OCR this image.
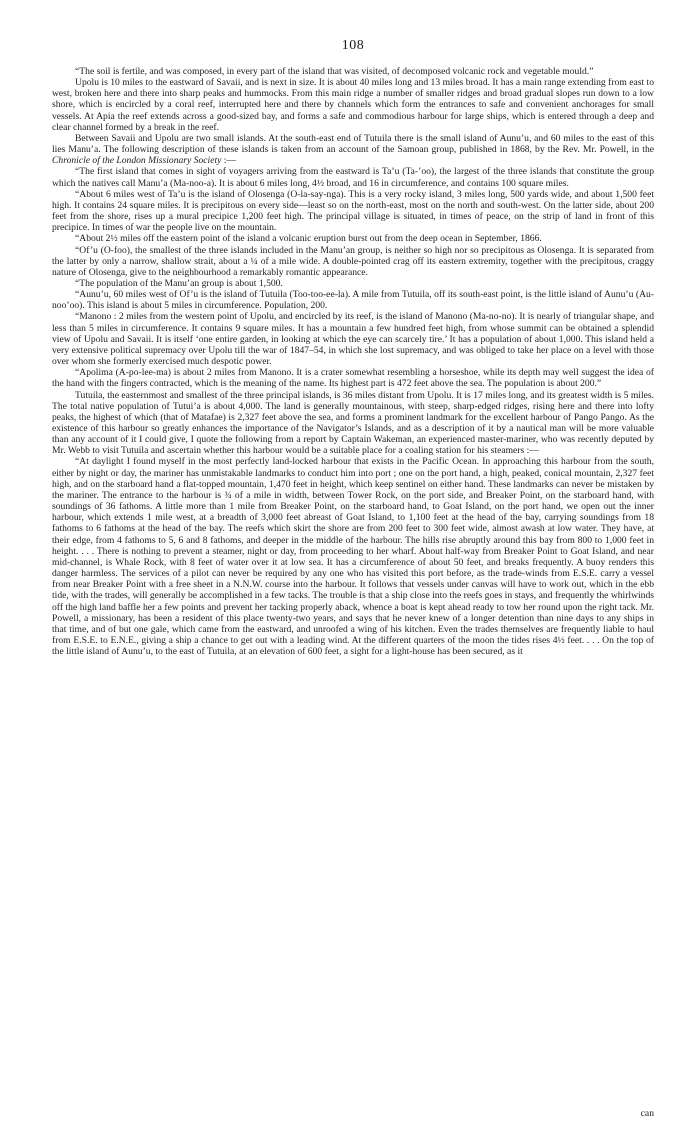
108

“The soil is fertile, and was composed, in every part of the island that was visited, of decomposed volcanic rock and vegetable mould.”

Upolu is 10 miles to the eastward of Savaii, and is next in size. It is about 40 miles long and 13 miles broad. It has a main range extending from east to west, broken here and there into sharp peaks and hummocks. From this main ridge a number of smaller ridges and broad gradual slopes run down to a low shore, which is encircled by a coral reef, interrupted here and there by channels which form the entrances to safe and convenient anchorages for small vessels. At Apia the reef extends across a good-sized bay, and forms a safe and commodious harbour for large ships, which is entered through a deep and clear channel formed by a break in the reef.

Between Savaii and Upolu are two small islands. At the south-east end of Tutuila there is the small island of Aunu’u, and 60 miles to the east of this lies Manu’a. The following description of these islands is taken from an account of the Samoan group, published in 1868, by the Rev. Mr. Powell, in the Chronicle of the London Missionary Society :—

“The first island that comes in sight of voyagers arriving from the eastward is Ta’u (Ta-’oo), the largest of the three islands that constitute the group which the natives call Manu’a (Ma-noo-a). It is about 6 miles long, 4½ broad, and 16 in circumference, and contains 100 square miles.

“About 6 miles west of Ta’u is the island of Olosenga (O-la-say-nga). This is a very rocky island, 3 miles long, 500 yards wide, and about 1,500 feet high. It contains 24 square miles. It is precipitous on every side—least so on the north-east, most on the north and south-west. On the latter side, about 200 feet from the shore, rises up a mural precipice 1,200 feet high. The principal village is situated, in times of peace, on the strip of land in front of this precipice. In times of war the people live on the mountain.

“About 2½ miles off the eastern point of the island a volcanic eruption burst out from the deep ocean in September, 1866.

“Of’u (O-foo), the smallest of the three islands included in the Manu’an group, is neither so high nor so precipitous as Olosenga. It is separated from the latter by only a narrow, shallow strait, about a ¼ of a mile wide. A double-pointed crag off its eastern extremity, together with the precipitous, craggy nature of Olosenga, give to the neighbourhood a remarkably romantic appearance.

“The population of the Manu’an group is about 1,500.

“Aunu’u, 60 miles west of Of’u is the island of Tutuila (Too-too-ee-la). A mile from Tutuila, off its south-east point, is the little island of Aunu’u (Au-noo’oo). This island is about 5 miles in circumference. Population, 200.

“Manono : 2 miles from the western point of Upolu, and encircled by its reef, is the island of Manono (Ma-no-no). It is nearly of triangular shape, and less than 5 miles in circumference. It contains 9 square miles. It has a mountain a few hundred feet high, from whose summit can be obtained a splendid view of Upolu and Savaii. It is itself ‘one entire garden, in looking at which the eye can scarcely tire.’ It has a population of about 1,000. This island held a very extensive political supremacy over Upolu till the war of 1847–54, in which she lost supremacy, and was obliged to take her place on a level with those over whom she formerly exercised much despotic power.

“Apolima (A-po-lee-ma) is about 2 miles from Manono. It is a crater somewhat resembling a horseshoe, while its depth may well suggest the idea of the hand with the fingers contracted, which is the meaning of the name. Its highest part is 472 feet above the sea. The population is about 200.”

Tutuila, the easternmost and smallest of the three principal islands, is 36 miles distant from Upolu. It is 17 miles long, and its greatest width is 5 miles. The total native population of Tutui’a is about 4,000. The land is generally mountainous, with steep, sharp-edged ridges, rising here and there into lofty peaks, the highest of which (that of Matafae) is 2,327 feet above the sea, and forms a prominent landmark for the excellent harbour of Pango Pango. As the existence of this harbour so greatly enhances the importance of the Navigator’s Islands, and as a description of it by a nautical man will be more valuable than any account of it I could give, I quote the following from a report by Captain Wakeman, an experienced master-mariner, who was recently deputed by Mr. Webb to visit Tutuila and ascertain whether this harbour would be a suitable place for a coaling station for his steamers :—

“At daylight I found myself in the most perfectly land-locked harbour that exists in the Pacific Ocean. In approaching this harbour from the south, either by night or day, the mariner has unmistakable landmarks to conduct him into port ; one on the port hand, a high, peaked, conical mountain, 2,327 feet high, and on the starboard hand a flat-topped mountain, 1,470 feet in height, which keep sentinel on either hand. These landmarks can never be mistaken by the mariner. The entrance to the harbour is ¾ of a mile in width, between Tower Rock, on the port side, and Breaker Point, on the starboard hand, with soundings of 36 fathoms. A little more than 1 mile from Breaker Point, on the starboard hand, to Goat Island, on the port hand, we open out the inner harbour, which extends 1 mile west, at a breadth of 3,000 feet abreast of Goat Island, to 1,100 feet at the head of the bay, carrying soundings from 18 fathoms to 6 fathoms at the head of the bay. The reefs which skirt the shore are from 200 feet to 300 feet wide, almost awash at low water. They have, at their edge, from 4 fathoms to 5, 6 and 8 fathoms, and deeper in the middle of the harbour. The hills rise abruptly around this bay from 800 to 1,000 feet in height. . . . There is nothing to prevent a steamer, night or day, from proceeding to her wharf. About half-way from Breaker Point to Goat Island, and near mid-channel, is Whale Rock, with 8 feet of water over it at low sea. It has a circumference of about 50 feet, and breaks frequently. A buoy renders this danger harmless. The services of a pilot can never be required by any one who has visited this port before, as the trade-winds from E.S.E. carry a vessel from near Breaker Point with a free sheet in a N.N.W. course into the harbour. It follows that vessels under canvas will have to work out, which in the ebb tide, with the trades, will generally be accomplished in a few tacks. The trouble is that a ship close into the reefs goes in stays, and frequently the whirlwinds off the high land baffle her a few points and prevent her tacking properly aback, whence a boat is kept ahead ready to tow her round upon the right tack. Mr. Powell, a missionary, has been a resident of this place twenty-two years, and says that he never knew of a longer detention than nine days to any ships in that time, and of but one gale, which came from the eastward, and unroofed a wing of his kitchen. Even the trades themselves are frequently liable to haul from E.S.E. to E.N.E., giving a ship a chance to get out with a leading wind. At the different quarters of the moon the tides rises 4½ feet. . . . On the top of the little island of Aunu’u, to the east of Tutuila, at an elevation of 600 feet, a sight for a light-house has been secured, as it

can
